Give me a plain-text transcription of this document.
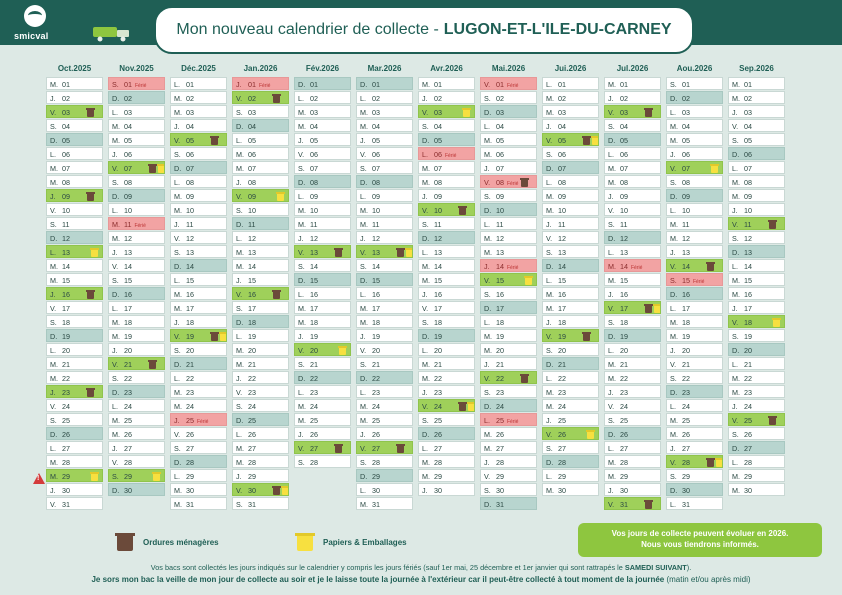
smicval	Mon nouveau calendrier de collecte - LUGON-ET-L'ILE-DU-CARNEY
Oct.2025
M. 01
J. 02
V. 03
S. 04
D. 05
L. 06
M. 07
M. 08
J. 09
V. 10
S. 11
D. 12
L. 13
M. 14
M. 15
J. 16
V. 17
S. 18
D. 19
L. 20
M. 21
M. 22
J. 23
V. 24
S. 25
D. 26
L. 27
M. 28
M. 29
J. 30
V. 31
Nov.2025
S. 01 Férié
D. 02
L. 03
M. 04
M. 05
J. 06
V. 07
S. 08
D. 09
L. 10
M. 11 Férié
M. 12
J. 13
V. 14
S. 15
D. 16
L. 17
M. 18
M. 19
J. 20
V. 21
S. 22
D. 23
L. 24
M. 25
M. 26
J. 27
V. 28
S. 29
D. 30
Déc.2025
L. 01
M. 02
M. 03
J. 04
V. 05
S. 06
D. 07
L. 08
M. 09
M. 10
J. 11
V. 12
S. 13
D. 14
L. 15
M. 16
M. 17
J. 18
V. 19
S. 20
D. 21
L. 22
M. 23
M. 24
J. 25 Férié
V. 26
S. 27
D. 28
L. 29
M. 30
M. 31
Jan.2026
J. 01 Férié
V. 02
S. 03
D. 04
L. 05
M. 06
M. 07
J. 08
V. 09
S. 10
D. 11
L. 12
M. 13
M. 14
J. 15
V. 16
S. 17
D. 18
L. 19
M. 20
M. 21
J. 22
V. 23
S. 24
D. 25
L. 26
M. 27
M. 28
J. 29
V. 30
S. 31
Fév.2026
D. 01
L. 02
M. 03
M. 04
J. 05
V. 06
S. 07
D. 08
L. 09
M. 10
M. 11
J. 12
V. 13
S. 14
D. 15
L. 16
M. 17
M. 18
J. 19
V. 20
S. 21
D. 22
L. 23
M. 24
M. 25
J. 26
V. 27
S. 28
Mar.2026
D. 01
L. 02
M. 03
M. 04
J. 05
V. 06
S. 07
D. 08
L. 09
M. 10
M. 11
J. 12
V. 13
S. 14
D. 15
L. 16
M. 17
M. 18
J. 19
V. 20
S. 21
D. 22
L. 23
M. 24
M. 25
J. 26
V. 27
S. 28
D. 29
L. 30
M. 31
Avr.2026
M. 01
J. 02
V. 03
S. 04
D. 05
L. 06 Férié
M. 07
M. 08
J. 09
V. 10
S. 11
D. 12
L. 13
M. 14
M. 15
J. 16
V. 17
S. 18
D. 19
L. 20
M. 21
M. 22
J. 23
V. 24
S. 25
D. 26
L. 27
M. 28
M. 29
J. 30
Mai.2026
V. 01 Férié
S. 02
D. 03
L. 04
M. 05
M. 06
J. 07
V. 08 Férié
S. 09
D. 10
L. 11
M. 12
M. 13
J. 14 Férié
V. 15
S. 16
D. 17
L. 18
M. 19
M. 20
J. 21
V. 22
S. 23
D. 24
L. 25 Férié
M. 26
M. 27
J. 28
V. 29
S. 30
D. 31
Jui.2026
L. 01
M. 02
M. 03
J. 04
V. 05
S. 06
D. 07
L. 08
M. 09
M. 10
J. 11
V. 12
S. 13
D. 14
L. 15
M. 16
M. 17
J. 18
V. 19
S. 20
D. 21
L. 22
M. 23
M. 24
J. 25
V. 26
S. 27
D. 28
L. 29
M. 30
Jul.2026
M. 01
J. 02
V. 03
S. 04
D. 05
L. 06
M. 07
M. 08
J. 09
V. 10
S. 11
D. 12
L. 13
M. 14 Férié
M. 15
J. 16
V. 17
S. 18
D. 19
L. 20
M. 21
M. 22
J. 23
V. 24
S. 25
D. 26
L. 27
M. 28
M. 29
J. 30
V. 31
Aou.2026
S. 01
D. 02
L. 03
M. 04
M. 05
J. 06
V. 07
S. 08
D. 09
L. 10
M. 11
M. 12
J. 13
V. 14
S. 15 Férié
D. 16
L. 17
M. 18
M. 19
J. 20
V. 21
S. 22
D. 23
L. 24
M. 25
M. 26
J. 27
V. 28
S. 29
D. 30
L. 31
Sep.2026
M. 01
M. 02
J. 03
V. 04
S. 05
D. 06
L. 07
M. 08
M. 09
J. 10
V. 11
S. 12
D. 13
L. 14
M. 15
M. 16
J. 17
V. 18
S. 19
D. 20
L. 21
M. 22
M. 23
J. 24
V. 25
S. 26
D. 27
L. 28
M. 29
M. 30
!
Ordures ménagères	Papiers & Emballages
Vos jours de collecte peuvent évoluer en 2026.
Nous vous tiendrons informés.
Vos bacs sont collectés les jours indiqués sur le calendrier y compris les jours fériés (sauf 1er mai, 25 décembre et 1er janvier qui sont rattrapés le SAMEDI SUIVANT).
Je sors mon bac la veille de mon jour de collecte au soir et je le laisse toute la journée à l'extérieur car il peut-être collecté à tout moment de la journée (matin et/ou après midi)
